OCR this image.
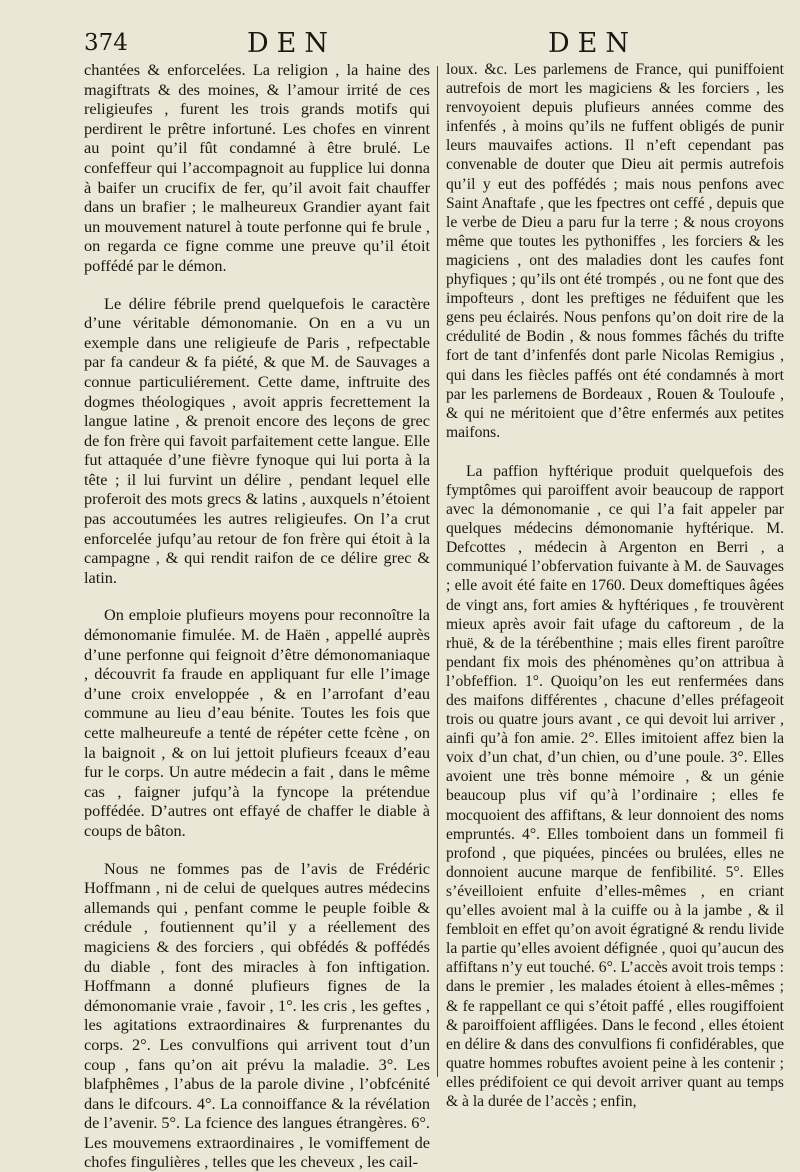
374	DEN	DEN

chantées & enforcelées. La religion , la haine des magiftrats & des moines, & l’amour irrité de ces religieufes , furent les trois grands motifs qui perdirent le prêtre infortuné. Les chofes en vinrent au point qu’il fût condamné à être brulé. Le confeffeur qui l’accompagnoit au fupplice lui donna à baifer un crucifix de fer, qu’il avoit fait chauffer dans un brafier ; le malheureux Grandier ayant fait un mouvement naturel à toute perfonne qui fe brule , on regarda ce figne comme une preuve qu’il étoit poffédé par le démon.

Le délire fébrile prend quelquefois le caractère d’une véritable démonomanie. On en a vu un exemple dans une religieufe de Paris , refpectable par fa candeur & fa piété, & que M. de Sauvages a connue particuliérement. Cette dame, inftruite des dogmes théologiques , avoit appris fecrettement la langue latine , & prenoit encore des leçons de grec de fon frère qui favoit parfaitement cette langue. Elle fut attaquée d’une fièvre fynoque qui lui porta à la tête ; il lui furvint un délire , pendant lequel elle proferoit des mots grecs & latins , auxquels n’étoient pas accoutumées les autres religieufes. On l’a crut enforcelée jufqu’au retour de fon frère qui étoit à la campagne , & qui rendit raifon de ce délire grec & latin.

On emploie plufieurs moyens pour reconnoître la démonomanie fimulée. M. de Haën , appellé auprès d’une perfonne qui feignoit d’être démonomaniaque , découvrit fa fraude en appliquant fur elle l’image d’une croix enveloppée , & en l’arrofant d’eau commune au lieu d’eau bénite. Toutes les fois que cette malheureufe a tenté de répéter cette fcène , on la baignoit , & on lui jettoit plufieurs fceaux d’eau fur le corps. Un autre médecin a fait , dans le même cas , faigner jufqu’à la fyncope la prétendue poffédée. D’autres ont effayé de chaffer le diable à coups de bâton.

Nous ne fommes pas de l’avis de Frédéric Hoffmann , ni de celui de quelques autres médecins allemands qui , penfant comme le peuple foible & crédule , foutiennent qu’il y a réellement des magiciens & des forciers , qui obfédés & poffédés du diable , font des miracles à fon inftigation. Hoffmann a donné plufieurs fignes de la démonomanie vraie , favoir , 1°. les cris , les geftes , les agitations extraordinaires & furprenantes du corps. 2°. Les convulfions qui arrivent tout d’un coup , fans qu’on ait prévu la maladie. 3°. Les blafphêmes , l’abus de la parole divine , l’obfcénité dans le difcours. 4°. La connoiffance & la révélation de l’avenir. 5°. La fcience des langues étrangères. 6°. Les mouvemens extraordinaires , le vomiffement de chofes fingulières , telles que les cheveux , les cail-

loux. &c. Les parlemens de France, qui puniffoient autrefois de mort les magiciens & les forciers , les renvoyoient depuis plufieurs années comme des infenfés , à moins qu’ils ne fuffent obligés de punir leurs mauvaifes actions. Il n’eft cependant pas convenable de douter que Dieu ait permis autrefois qu’il y eut des poffédés ; mais nous penfons avec Saint Anaftafe , que les fpectres ont ceffé , depuis que le verbe de Dieu a paru fur la terre ; & nous croyons même que toutes les pythoniffes , les forciers & les magiciens , ont des maladies dont les caufes font phyfiques ; qu’ils ont été trompés , ou ne font que des impofteurs , dont les preftiges ne féduifent que les gens peu éclairés. Nous penfons qu’on doit rire de la crédulité de Bodin , & nous fommes fâchés du trifte fort de tant d’infenfés dont parle Nicolas Remigius , qui dans les fiècles paffés ont été condamnés à mort par les parlemens de Bordeaux , Rouen & Touloufe , & qui ne méritoient que d’être enfermés aux petites maifons.

La paffion hyftérique produit quelquefois des fymptômes qui paroiffent avoir beaucoup de rapport avec la démonomanie , ce qui l’a fait appeler par quelques médecins démonomanie hyftérique. M. Defcottes , médecin à Argenton en Berri , a communiqué l’obfervation fuivante à M. de Sauvages ; elle avoit été faite en 1760. Deux domeftiques âgées de vingt ans, fort amies & hyftériques , fe trouvèrent mieux après avoir fait ufage du caftoreum , de la rhuë, & de la térébenthine ; mais elles firent paroître pendant fix mois des phénomènes qu’on attribua à l’obfeffion. 1°. Quoiqu’on les eut renfermées dans des maifons différentes , chacune d’elles préfageoit trois ou quatre jours avant , ce qui devoit lui arriver , ainfi qu’à fon amie. 2°. Elles imitoient affez bien la voix d’un chat, d’un chien, ou d’une poule. 3°. Elles avoient une très bonne mémoire , & un génie beaucoup plus vif qu’à l’ordinaire ; elles fe mocquoient des affiftans, & leur donnoient des noms empruntés. 4°. Elles tomboient dans un fommeil fi profond , que piquées, pincées ou brulées, elles ne donnoient aucune marque de fenfibilité. 5°. Elles s’éveilloient enfuite d’elles-mêmes , en criant qu’elles avoient mal à la cuiffe ou à la jambe , & il fembloit en effet qu’on avoit égratigné & rendu livide la partie qu’elles avoient défignée , quoi qu’aucun des affiftans n’y eut touché. 6°. L’accès avoit trois temps : dans le premier , les malades étoient à elles-mêmes ; & fe rappellant ce qui s’étoit paffé , elles rougiffoient & paroiffoient affligées. Dans le fecond , elles étoient en délire & dans des convulfions fi confidérables, que quatre hommes robuftes avoient peine à les contenir ; elles prédifoient ce qui devoit arriver quant au temps & à la durée de l’accès ; enfin,
